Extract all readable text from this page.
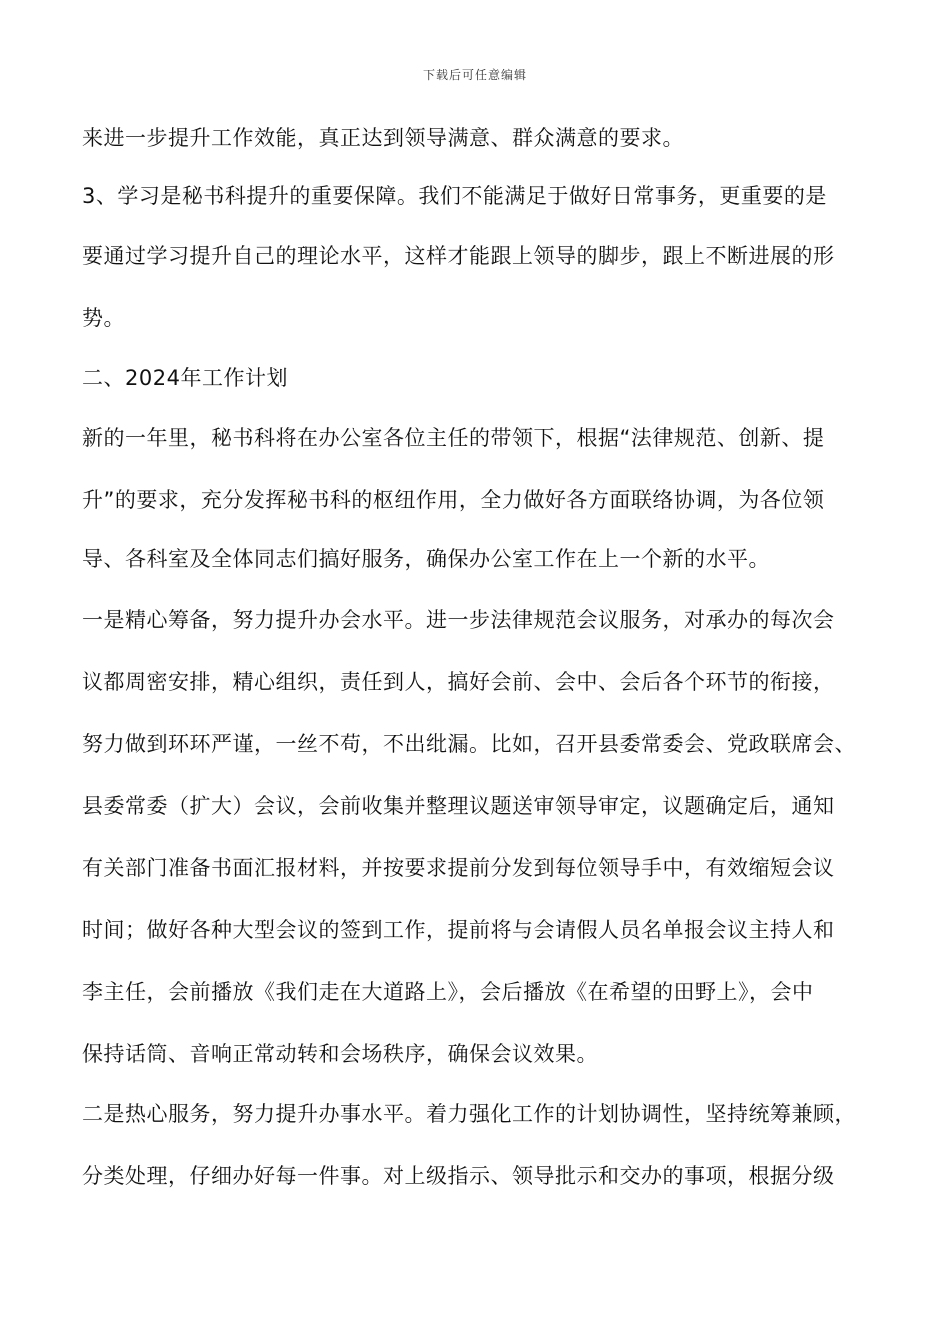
下载后可任意编辑
来进一步提升工作效能，真正达到领导满意、群众满意的要求。
3、学习是秘书科提升的重要保障。我们不能满足于做好日常事务，更重要的是
要通过学习提升自己的理论水平，这样才能跟上领导的脚步，跟上不断进展的形
势。
二、2024年工作计划
新的一年里，秘书科将在办公室各位主任的带领下，根据“法律规范、创新、提
升”的要求，充分发挥秘书科的枢纽作用，全力做好各方面联络协调，为各位领
导、各科室及全体同志们搞好服务，确保办公室工作在上一个新的水平。
一是精心筹备，努力提升办会水平。进一步法律规范会议服务，对承办的每次会
议都周密安排，精心组织，责任到人，搞好会前、会中、会后各个环节的衔接，
努力做到环环严谨，一丝不苟，不出纰漏。比如，召开县委常委会、党政联席会、
县委常委（扩大）会议，会前收集并整理议题送审领导审定，议题确定后，通知
有关部门准备书面汇报材料，并按要求提前分发到每位领导手中，有效缩短会议
时间；做好各种大型会议的签到工作，提前将与会请假人员名单报会议主持人和
李主任，会前播放《我们走在大道路上》，会后播放《在希望的田野上》，会中
保持话筒、音响正常动转和会场秩序，确保会议效果。
二是热心服务，努力提升办事水平。着力强化工作的计划协调性，坚持统筹兼顾，
分类处理，仔细办好每一件事。对上级指示、领导批示和交办的事项，根据分级
